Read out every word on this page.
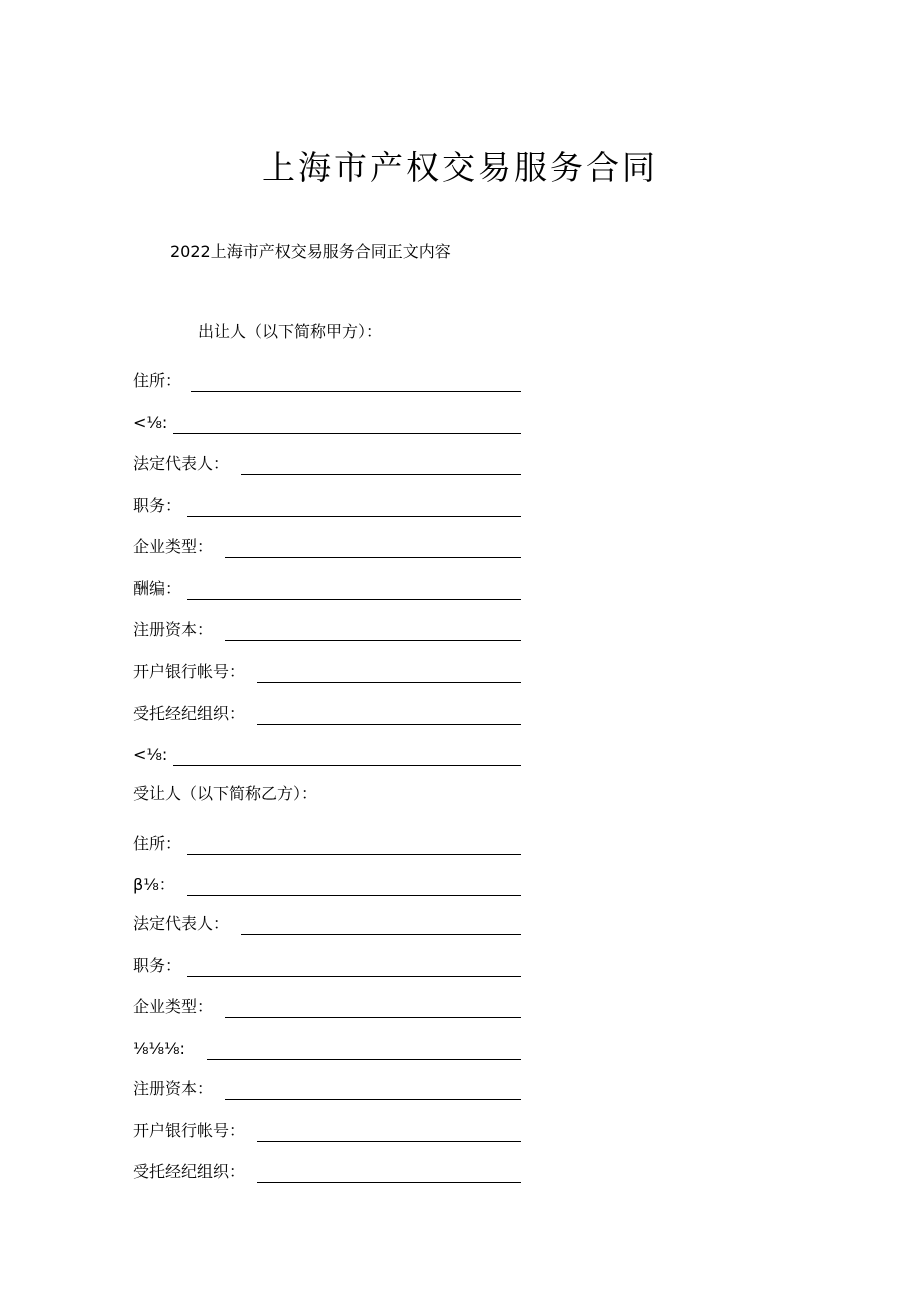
上海市产权交易服务合同
2022上海市产权交易服务合同正文内容
出让人（以下简称甲方）：
住所：
<⅛:
法定代表人：
职务：
企业类型：
酬编：
注册资本：
开户银行帐号：
受托经纪组织：
<⅛:
受让人（以下简称乙方）：
住所：
β⅛：
法定代表人：
职务：
企业类型：
⅛⅛⅛:
注册资本：
开户银行帐号：
受托经纪组织：
